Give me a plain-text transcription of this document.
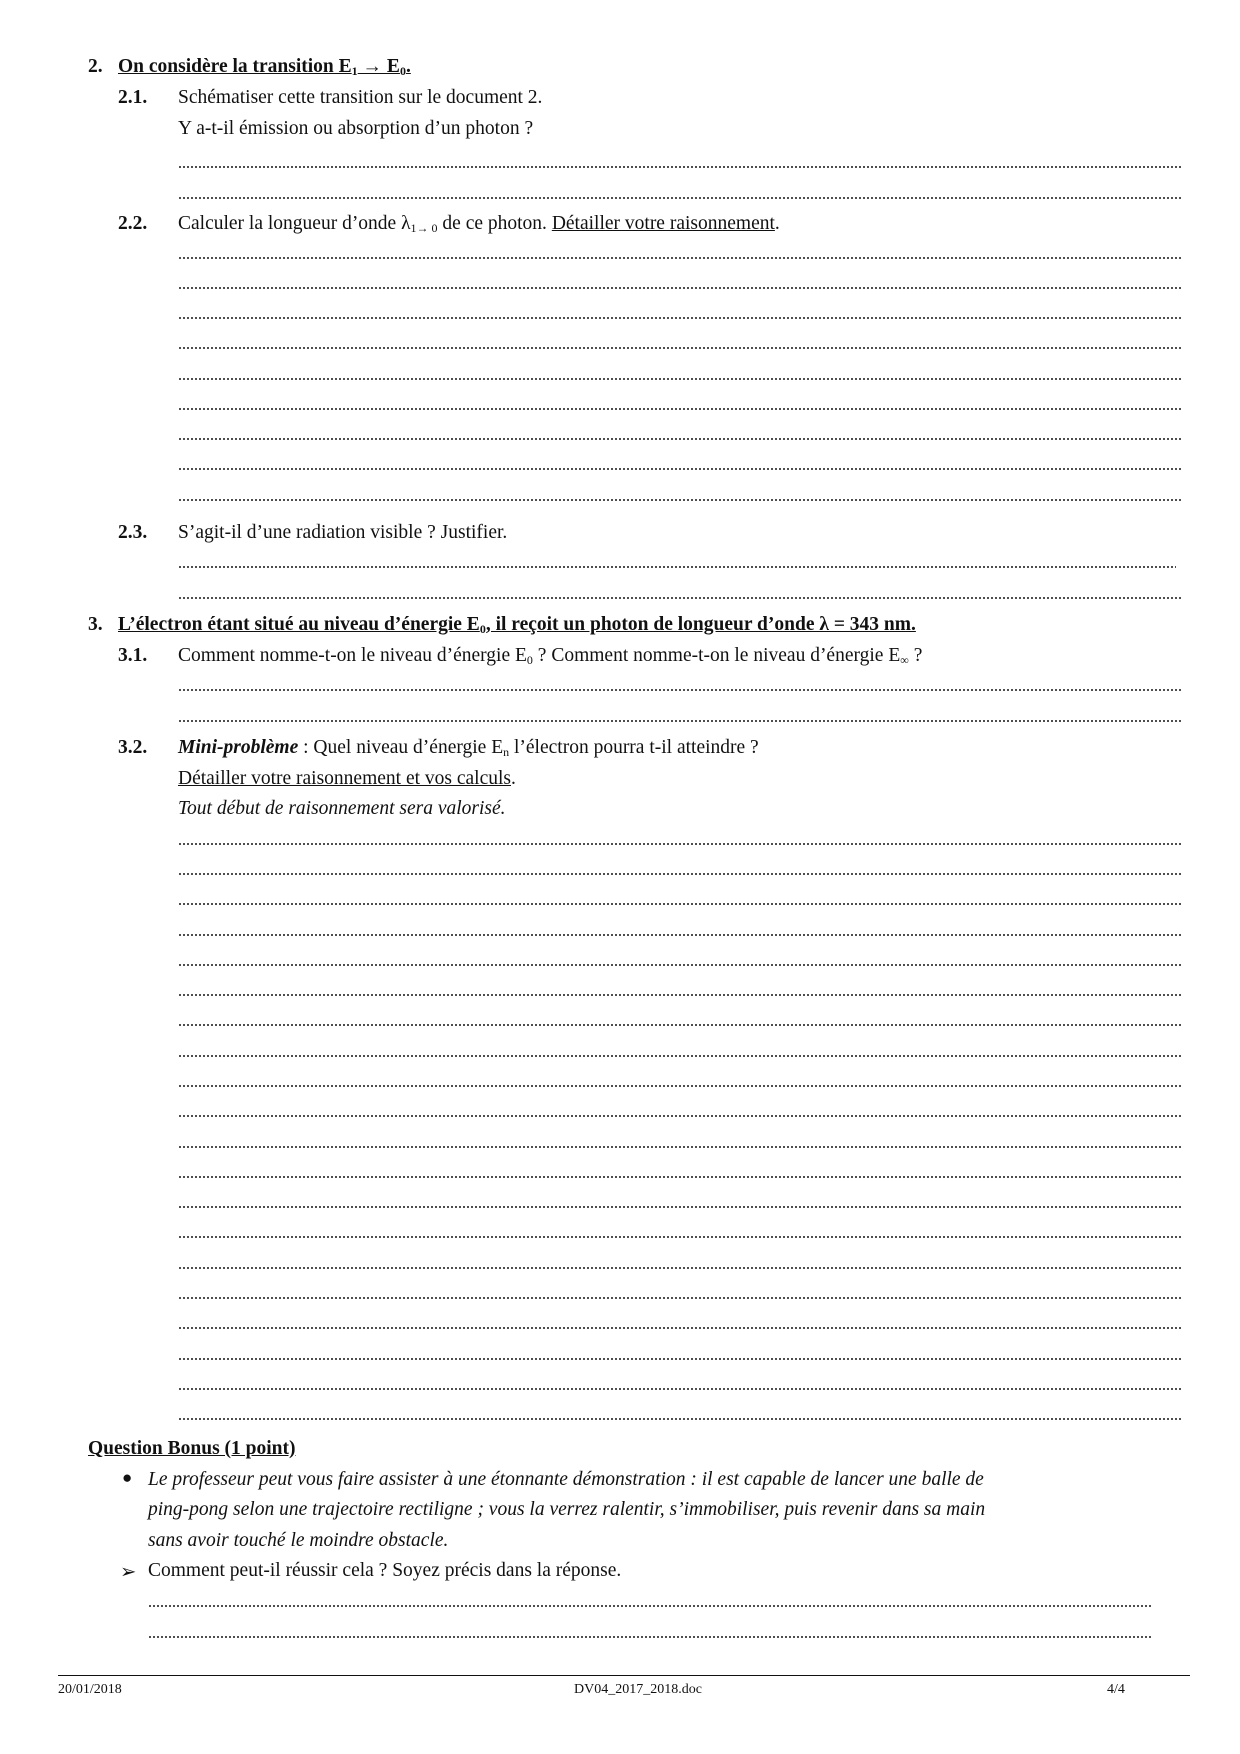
2. On considère la transition $E_1 \to E_0$.
2.1. Schématiser cette transition sur le document 2.
Y a-t-il émission ou absorption d’un photon ?
2.2. Calculer la longueur d’onde $\lambda_{1\to 0}$ de ce photon. Détailler votre raisonnement.
2.3. S’agit-il d’une radiation visible ? Justifier.
3. L’électron étant situé au niveau d’énergie $E_0$, il reçoit un photon de longueur d’onde λ = 343 nm.
3.1. Comment nomme-t-on le niveau d’énergie $E_0$ ? Comment nomme-t-on le niveau d’énergie $E_\infty$ ?
3.2. Mini-problème : Quel niveau d’énergie $E_n$ l’électron pourra t-il atteindre ?
Détailler votre raisonnement et vos calculs.
Tout début de raisonnement sera valorisé.
Question Bonus (1 point)
● Le professeur peut vous faire assister à une étonnante démonstration : il est capable de lancer une balle de
ping-pong selon une trajectoire rectiligne ; vous la verrez ralentir, s’immobiliser, puis revenir dans sa main
sans avoir touché le moindre obstacle.
➢ Comment peut-il réussir cela ? Soyez précis dans la réponse.
20/01/2018	DV04_2017_2018.doc	4/4
